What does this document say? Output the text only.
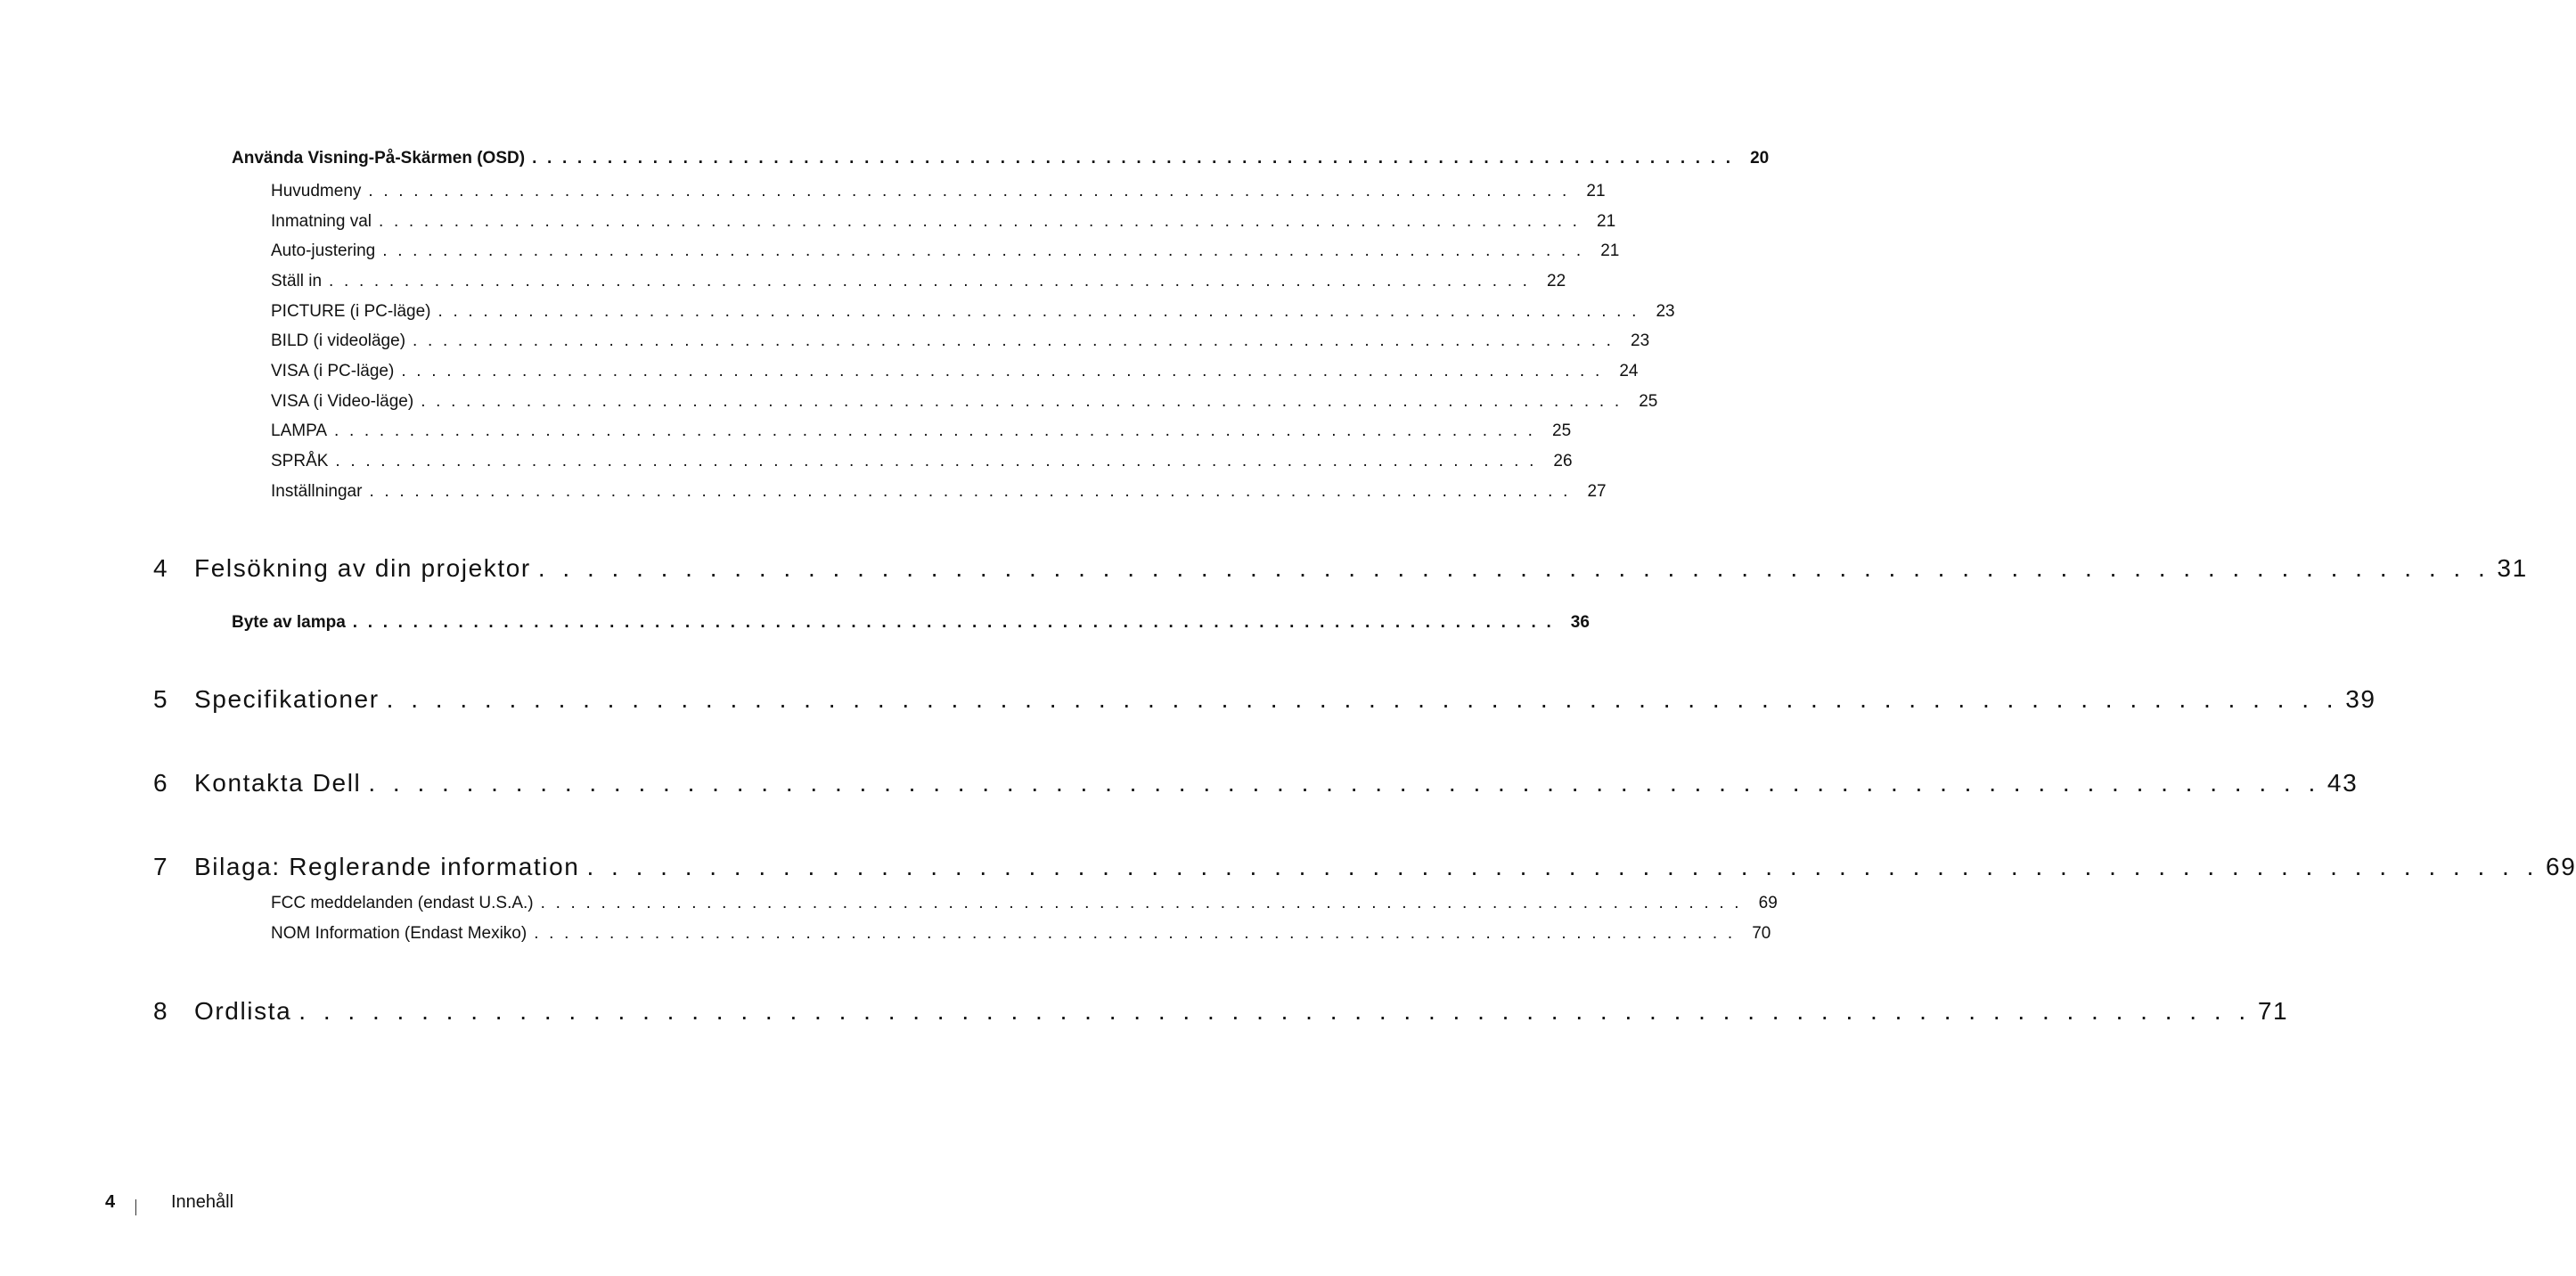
Använda Visning-På-Skärmen (OSD) . . . . . . . . . . . . . . . . . . . . . . . . . . . . . . . . . . . . . . . . . . . . . . . . . . . . . . . . . . . . . . . . . . . . . . . . . . . . . . . . 20
Huvudmeny . . . . . . . . . . . . . . . . . . . . . . . . . . . . . . . . . . . . . . . . . . . . . . . . . . . . . . . . . . . . . . . . . . . . . . . . . . . . . . . . 21
Inmatning val . . . . . . . . . . . . . . . . . . . . . . . . . . . . . . . . . . . . . . . . . . . . . . . . . . . . . . . . . . . . . . . . . . . . . . . . . . . . . . . . 21
Auto-justering . . . . . . . . . . . . . . . . . . . . . . . . . . . . . . . . . . . . . . . . . . . . . . . . . . . . . . . . . . . . . . . . . . . . . . . . . . . . . . . . 21
Ställ in . . . . . . . . . . . . . . . . . . . . . . . . . . . . . . . . . . . . . . . . . . . . . . . . . . . . . . . . . . . . . . . . . . . . . . . . . . . . . . . . 22
PICTURE (i PC-läge) . . . . . . . . . . . . . . . . . . . . . . . . . . . . . . . . . . . . . . . . . . . . . . . . . . . . . . . . . . . . . . . . . . . . . . . . . . . . . . . . 23
BILD (i videoläge) . . . . . . . . . . . . . . . . . . . . . . . . . . . . . . . . . . . . . . . . . . . . . . . . . . . . . . . . . . . . . . . . . . . . . . . . . . . . . . . . 23
VISA (i PC-läge) . . . . . . . . . . . . . . . . . . . . . . . . . . . . . . . . . . . . . . . . . . . . . . . . . . . . . . . . . . . . . . . . . . . . . . . . . . . . . . . . 24
VISA (i Video-läge) . . . . . . . . . . . . . . . . . . . . . . . . . . . . . . . . . . . . . . . . . . . . . . . . . . . . . . . . . . . . . . . . . . . . . . . . . . . . . . . . 25
LAMPA . . . . . . . . . . . . . . . . . . . . . . . . . . . . . . . . . . . . . . . . . . . . . . . . . . . . . . . . . . . . . . . . . . . . . . . . . . . . . . . . 25
SPRÅK . . . . . . . . . . . . . . . . . . . . . . . . . . . . . . . . . . . . . . . . . . . . . . . . . . . . . . . . . . . . . . . . . . . . . . . . . . . . . . . . 26
Inställningar . . . . . . . . . . . . . . . . . . . . . . . . . . . . . . . . . . . . . . . . . . . . . . . . . . . . . . . . . . . . . . . . . . . . . . . . . . . . . . . . 27
4	Felsökning av din projektor . . . . . . . . . . . . . . . . . . . . . . . . . . . . . . . . . . . . . . . . . . . . . . . . . . . . . . . . . . . . . . . . . . . . . . . . . . . . . . . . 31
Byte av lampa . . . . . . . . . . . . . . . . . . . . . . . . . . . . . . . . . . . . . . . . . . . . . . . . . . . . . . . . . . . . . . . . . . . . . . . . . . . . . . . . 36
5	Specifikationer . . . . . . . . . . . . . . . . . . . . . . . . . . . . . . . . . . . . . . . . . . . . . . . . . . . . . . . . . . . . . . . . . . . . . . . . . . . . . . . . 39
6	Kontakta Dell . . . . . . . . . . . . . . . . . . . . . . . . . . . . . . . . . . . . . . . . . . . . . . . . . . . . . . . . . . . . . . . . . . . . . . . . . . . . . . . . 43
7	Bilaga: Reglerande information . . . . . . . . . . . . . . . . . . . . . . . . . . . . . . . . . . . . . . . . . . . . . . . . . . . . . . . . . . . . . . . . . . . . . . . . . . . . . . . . 69
FCC meddelanden (endast U.S.A.) . . . . . . . . . . . . . . . . . . . . . . . . . . . . . . . . . . . . . . . . . . . . . . . . . . . . . . . . . . . . . . . . . . . . . . . . . . . . . . . . 69
NOM Information (Endast Mexiko) . . . . . . . . . . . . . . . . . . . . . . . . . . . . . . . . . . . . . . . . . . . . . . . . . . . . . . . . . . . . . . . . . . . . . . . . . . . . . . . . 70
8	Ordlista . . . . . . . . . . . . . . . . . . . . . . . . . . . . . . . . . . . . . . . . . . . . . . . . . . . . . . . . . . . . . . . . . . . . . . . . . . . . . . . . 71
4	Innehåll
